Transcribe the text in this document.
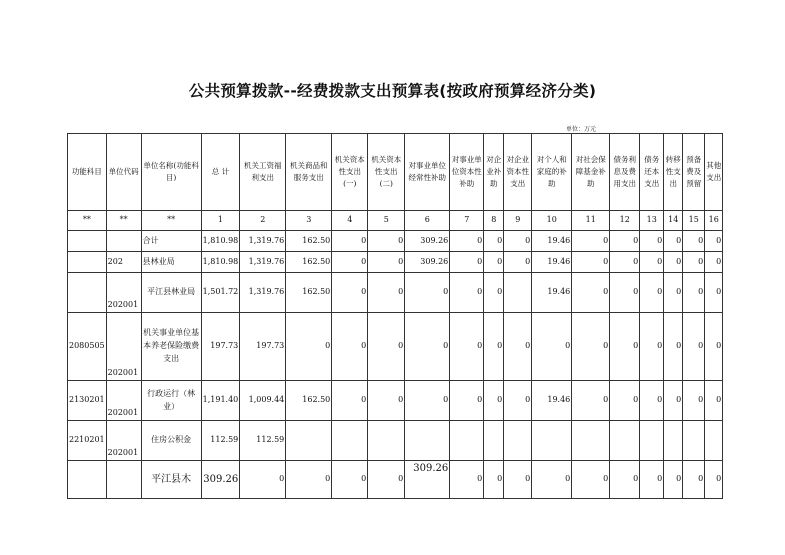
公共预算拨款--经费拨款支出预算表(按政府预算经济分类)
单位：万元
功能科目	单位代码	单位名称(功能科目)	总 计	机关工资福利支出	机关商品和服务支出	机关资本性支出(一)	机关资本性支出(二)	对事业单位经常性补助	对事业单位资本性补助	对企业补助	对企业资本性支出	对个人和家庭的补助	对社会保障基金补助	债务利息及费用支出	债务还本支出	转移性支出	预备费及预留	其他支出
**	**	**	1	2	3	4	5	6	7	8	9	10	11	12	13	14	15	16
		合计	1,810.98	1,319.76	162.50	0	0	309.26	0	0	0	19.46	0	0	0	0	0	0
	202	县林业局	1,810.98	1,319.76	162.50	0	0	309.26	0	0	0	19.46	0	0	0	0	0	0
	202001	平江县林业局	1,501.72	1,319.76	162.50	0	0	0	0	0		19.46	0	0	0	0	0	0
2080505	202001	机关事业单位基本养老保险缴费支出	197.73	197.73	0	0	0	0	0	0	0	0	0	0	0	0	0	0
2130201	202001	行政运行（林业）	1,191.40	1,009.44	162.50	0	0	0	0	0	0	19.46	0	0	0	0	0	0
2210201	202001	住房公积金	112.59	112.59														
		平江县木	309.26	0	0	0	0	309.26	0	0	0	0	0	0	0	0	0	0
